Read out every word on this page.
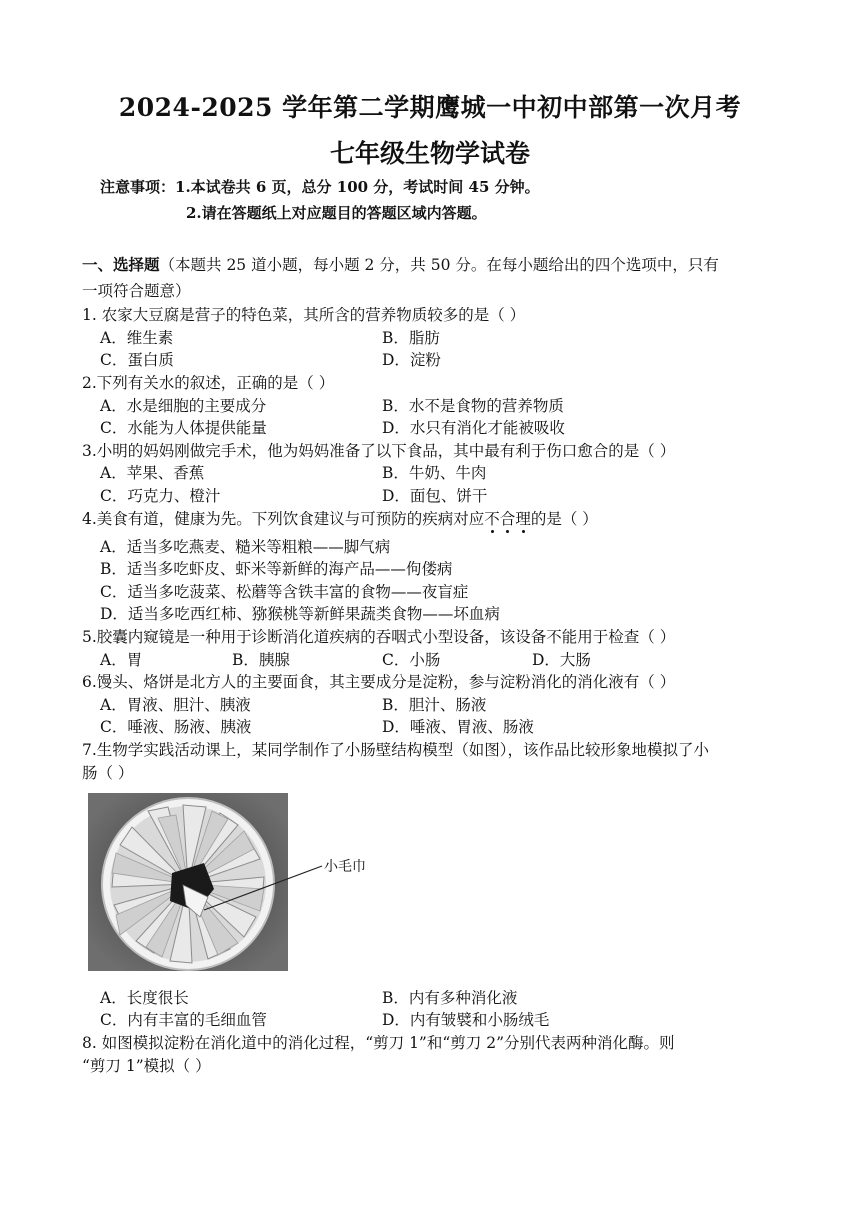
2024-2025 学年第二学期鹰城一中初中部第一次月考
七年级生物学试卷
注意事项：1.本试卷共 6 页，总分 100 分，考试时间 45 分钟。
2.请在答题纸上对应题目的答题区域内答题。
一、选择题（本题共 25 道小题，每小题 2 分，共 50 分。在每小题给出的四个选项中，只有
一项符合题意）
1. 农家大豆腐是营子的特色菜，其所含的营养物质较多的是（ ）
A．维生素	B．脂肪
C．蛋白质	D．淀粉
2.下列有关水的叙述，正确的是（ ）
A．水是细胞的主要成分	B．水不是食物的营养物质
C．水能为人体提供能量	D．水只有消化才能被吸收
3.小明的妈妈刚做完手术，他为妈妈准备了以下食品，其中最有利于伤口愈合的是（ ）
A．苹果、香蕉	B．牛奶、牛肉
C．巧克力、橙汁	D．面包、饼干
4.美食有道，健康为先。下列饮食建议与可预防的疾病对应不合理的是（ ）
A．适当多吃燕麦、糙米等粗粮——脚气病
B．适当多吃虾皮、虾米等新鲜的海产品——佝偻病
C．适当多吃菠菜、松蘑等含铁丰富的食物——夜盲症
D．适当多吃西红柿、猕猴桃等新鲜果蔬类食物——坏血病
5.胶囊内窥镜是一种用于诊断消化道疾病的吞咽式小型设备，该设备不能用于检查（ ）
A．胃	B．胰腺	C．小肠	D．大肠
6.馒头、烙饼是北方人的主要面食，其主要成分是淀粉，参与淀粉消化的消化液有（ ）
A．胃液、胆汁、胰液	B．胆汁、肠液
C．唾液、肠液、胰液	D．唾液、胃液、肠液
7.生物学实践活动课上，某同学制作了小肠壁结构模型（如图），该作品比较形象地模拟了小
肠（ ）
小毛巾
A．长度很长	B．内有多种消化液
C．内有丰富的毛细血管	D．内有皱襞和小肠绒毛
8. 如图模拟淀粉在消化道中的消化过程，“剪刀 1”和“剪刀 2”分别代表两种消化酶。则
“剪刀 1”模拟（ ）
